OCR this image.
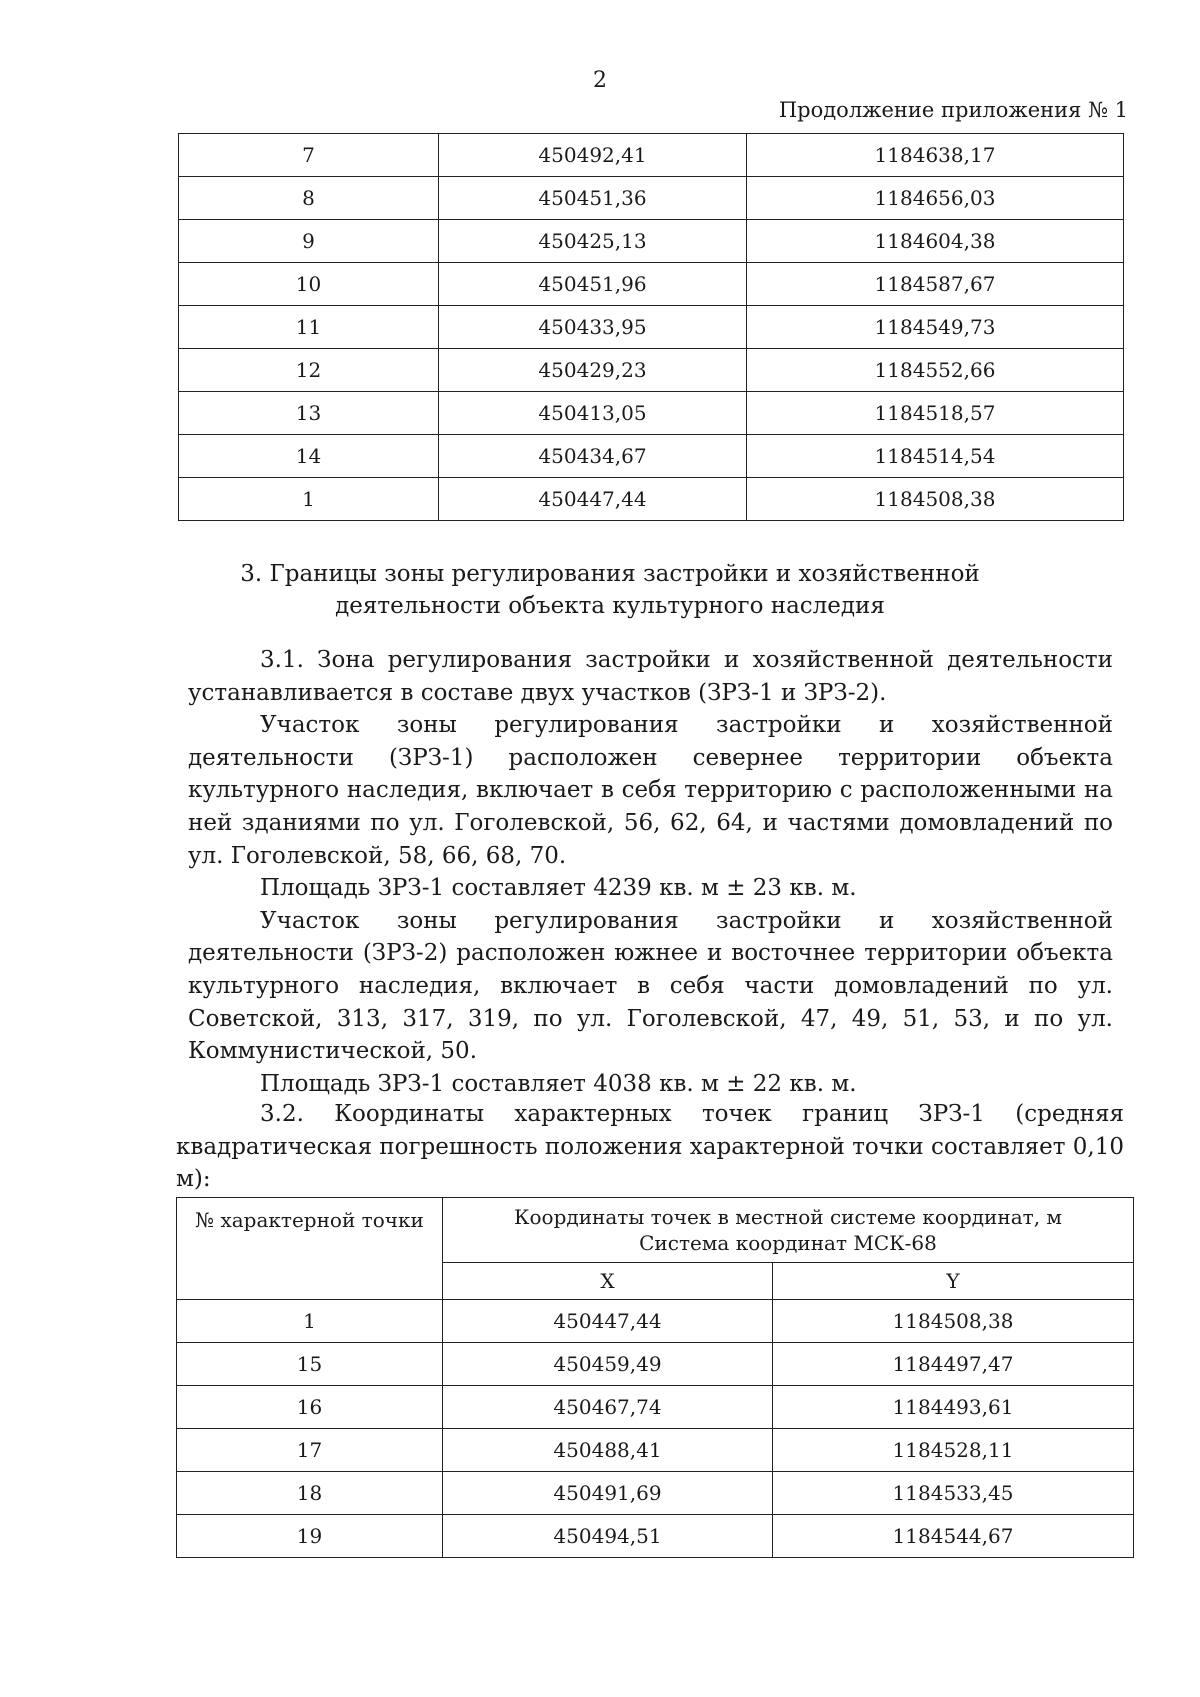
2
Продолжение приложения № 1
7	450492,41	1184638,17
8	450451,36	1184656,03
9	450425,13	1184604,38
10	450451,96	1184587,67
11	450433,95	1184549,73
12	450429,23	1184552,66
13	450413,05	1184518,57
14	450434,67	1184514,54
1	450447,44	1184508,38
3. Границы зоны регулирования застройки и хозяйственной
деятельности объекта культурного наследия

3.1. Зона регулирования застройки и хозяйственной деятельности устанавливается в составе двух участков (ЗРЗ-1 и ЗРЗ-2).

Участок зоны регулирования застройки и хозяйственной деятельности (ЗРЗ-1) расположен севернее территории объекта культурного наследия, включает в себя территорию с расположенными на ней зданиями по ул. Гоголевской, 56, 62, 64, и частями домовладений по ул. Гоголевской, 58, 66, 68, 70.

Площадь ЗРЗ-1 составляет 4239 кв. м ± 23 кв. м.

Участок зоны регулирования застройки и хозяйственной деятельности (ЗРЗ-2) расположен южнее и восточнее территории объекта культурного наследия, включает в себя части домовладений по ул. Советской, 313, 317, 319, по ул. Гоголевской, 47, 49, 51, 53, и по ул. Коммунистической, 50.

Площадь ЗРЗ-1 составляет 4038 кв. м ± 22 кв. м.

3.2. Координаты характерных точек границ ЗРЗ-1 (средняя квадратическая погрешность положения характерной точки составляет 0,10 м):

№ характерной точки	Координаты точек в местной системе координат, м
Система координат МСК-68	

	X	Y
1	450447,44	1184508,38
15	450459,49	1184497,47
16	450467,74	1184493,61
17	450488,41	1184528,11
18	450491,69	1184533,45
19	450494,51	1184544,67
